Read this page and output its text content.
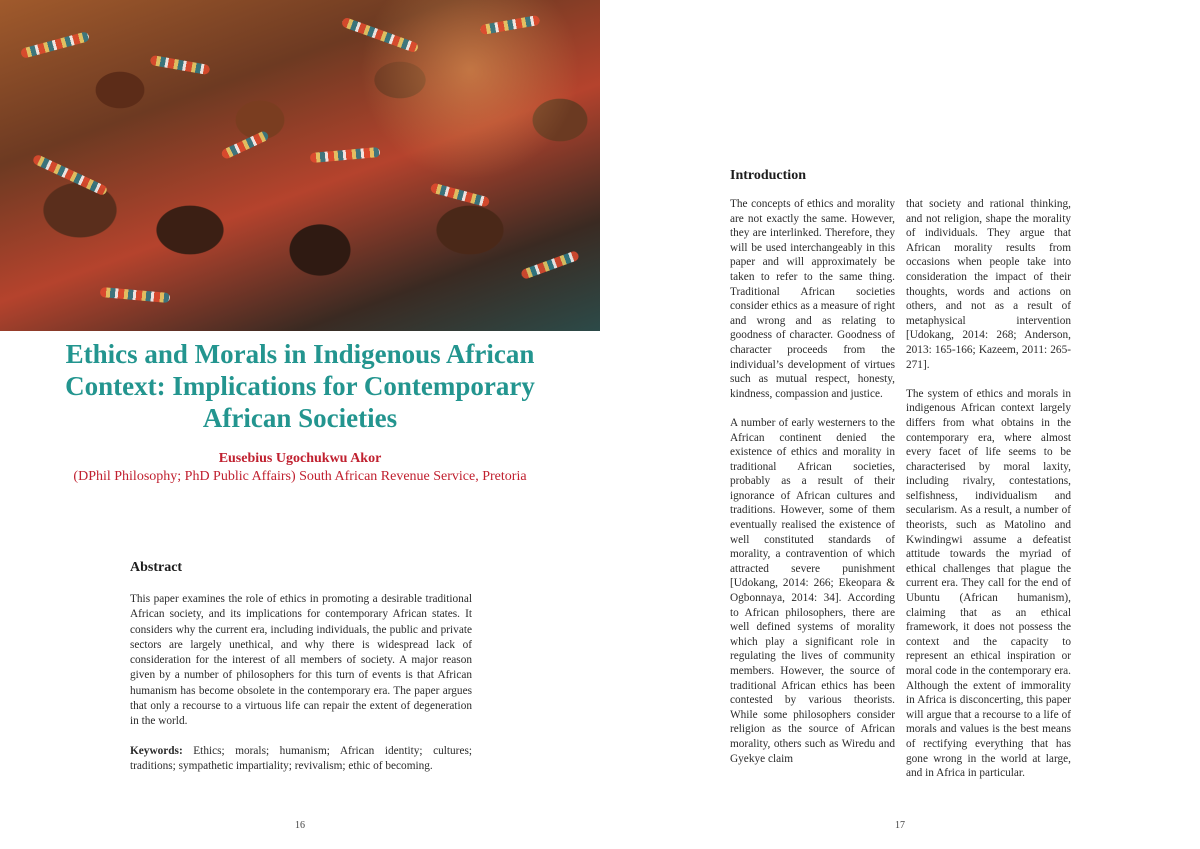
Ethics and Morals in Indigenous African Context: Implications for Contemporary African Societies

Eusebius Ugochukwu Akor

(DPhil Philosophy; PhD Public Affairs) South African Revenue Service, Pretoria

Abstract

This paper examines the role of ethics in promoting a desirable traditional African society, and its implications for contemporary African states. It considers why the current era, including individuals, the public and private sectors are largely unethical, and why there is widespread lack of consideration for the interest of all members of society. A major reason given by a number of philosophers for this turn of events is that African humanism has become obsolete in the contemporary era. The paper argues that only a recourse to a virtuous life can repair the extent of degeneration in the world.

Keywords: Ethics; morals; humanism; African identity; cultures; traditions; sympathetic impartiality; revivalism; ethic of becoming.

16
Introduction

The concepts of ethics and morality are not exactly the same. However, they are interlinked. Therefore, they will be used interchangeably in this paper and will approximately be taken to refer to the same thing. Traditional African societies consider ethics as a measure of right and wrong and as relating to goodness of character. Goodness of character proceeds from the individual’s development of virtues such as mutual respect, honesty, kindness, compassion and justice.

A number of early westerners to the African continent denied the existence of ethics and morality in traditional African societies, probably as a result of their ignorance of African cultures and traditions. However, some of them eventually realised the existence of well constituted standards of morality, a contravention of which attracted severe punishment [Udokang, 2014: 266; Ekeopara & Ogbonnaya, 2014: 34]. According to African philosophers, there are well defined systems of morality which play a significant role in regulating the lives of community members. However, the source of traditional African ethics has been contested by various theorists. While some philosophers consider religion as the source of African morality, others such as Wiredu and Gyekye claim

that society and rational thinking, and not religion, shape the morality of individuals. They argue that African morality results from occasions when people take into consideration the impact of their thoughts, words and actions on others, and not as a result of metaphysical intervention [Udokang, 2014: 268; Anderson, 2013: 165-166; Kazeem, 2011: 265-271].

The system of ethics and morals in indigenous African context largely differs from what obtains in the contemporary era, where almost every facet of life seems to be characterised by moral laxity, including rivalry, contestations, selfishness, individualism and secularism. As a result, a number of theorists, such as Matolino and Kwindingwi assume a defeatist attitude towards the myriad of ethical challenges that plague the current era. They call for the end of Ubuntu (African humanism), claiming that as an ethical framework, it does not possess the context and the capacity to represent an ethical inspiration or moral code in the contemporary era. Although the extent of immorality in Africa is disconcerting, this paper will argue that a recourse to a life of morals and values is the best means of rectifying everything that has gone wrong in the world at large, and in Africa in particular.

17
